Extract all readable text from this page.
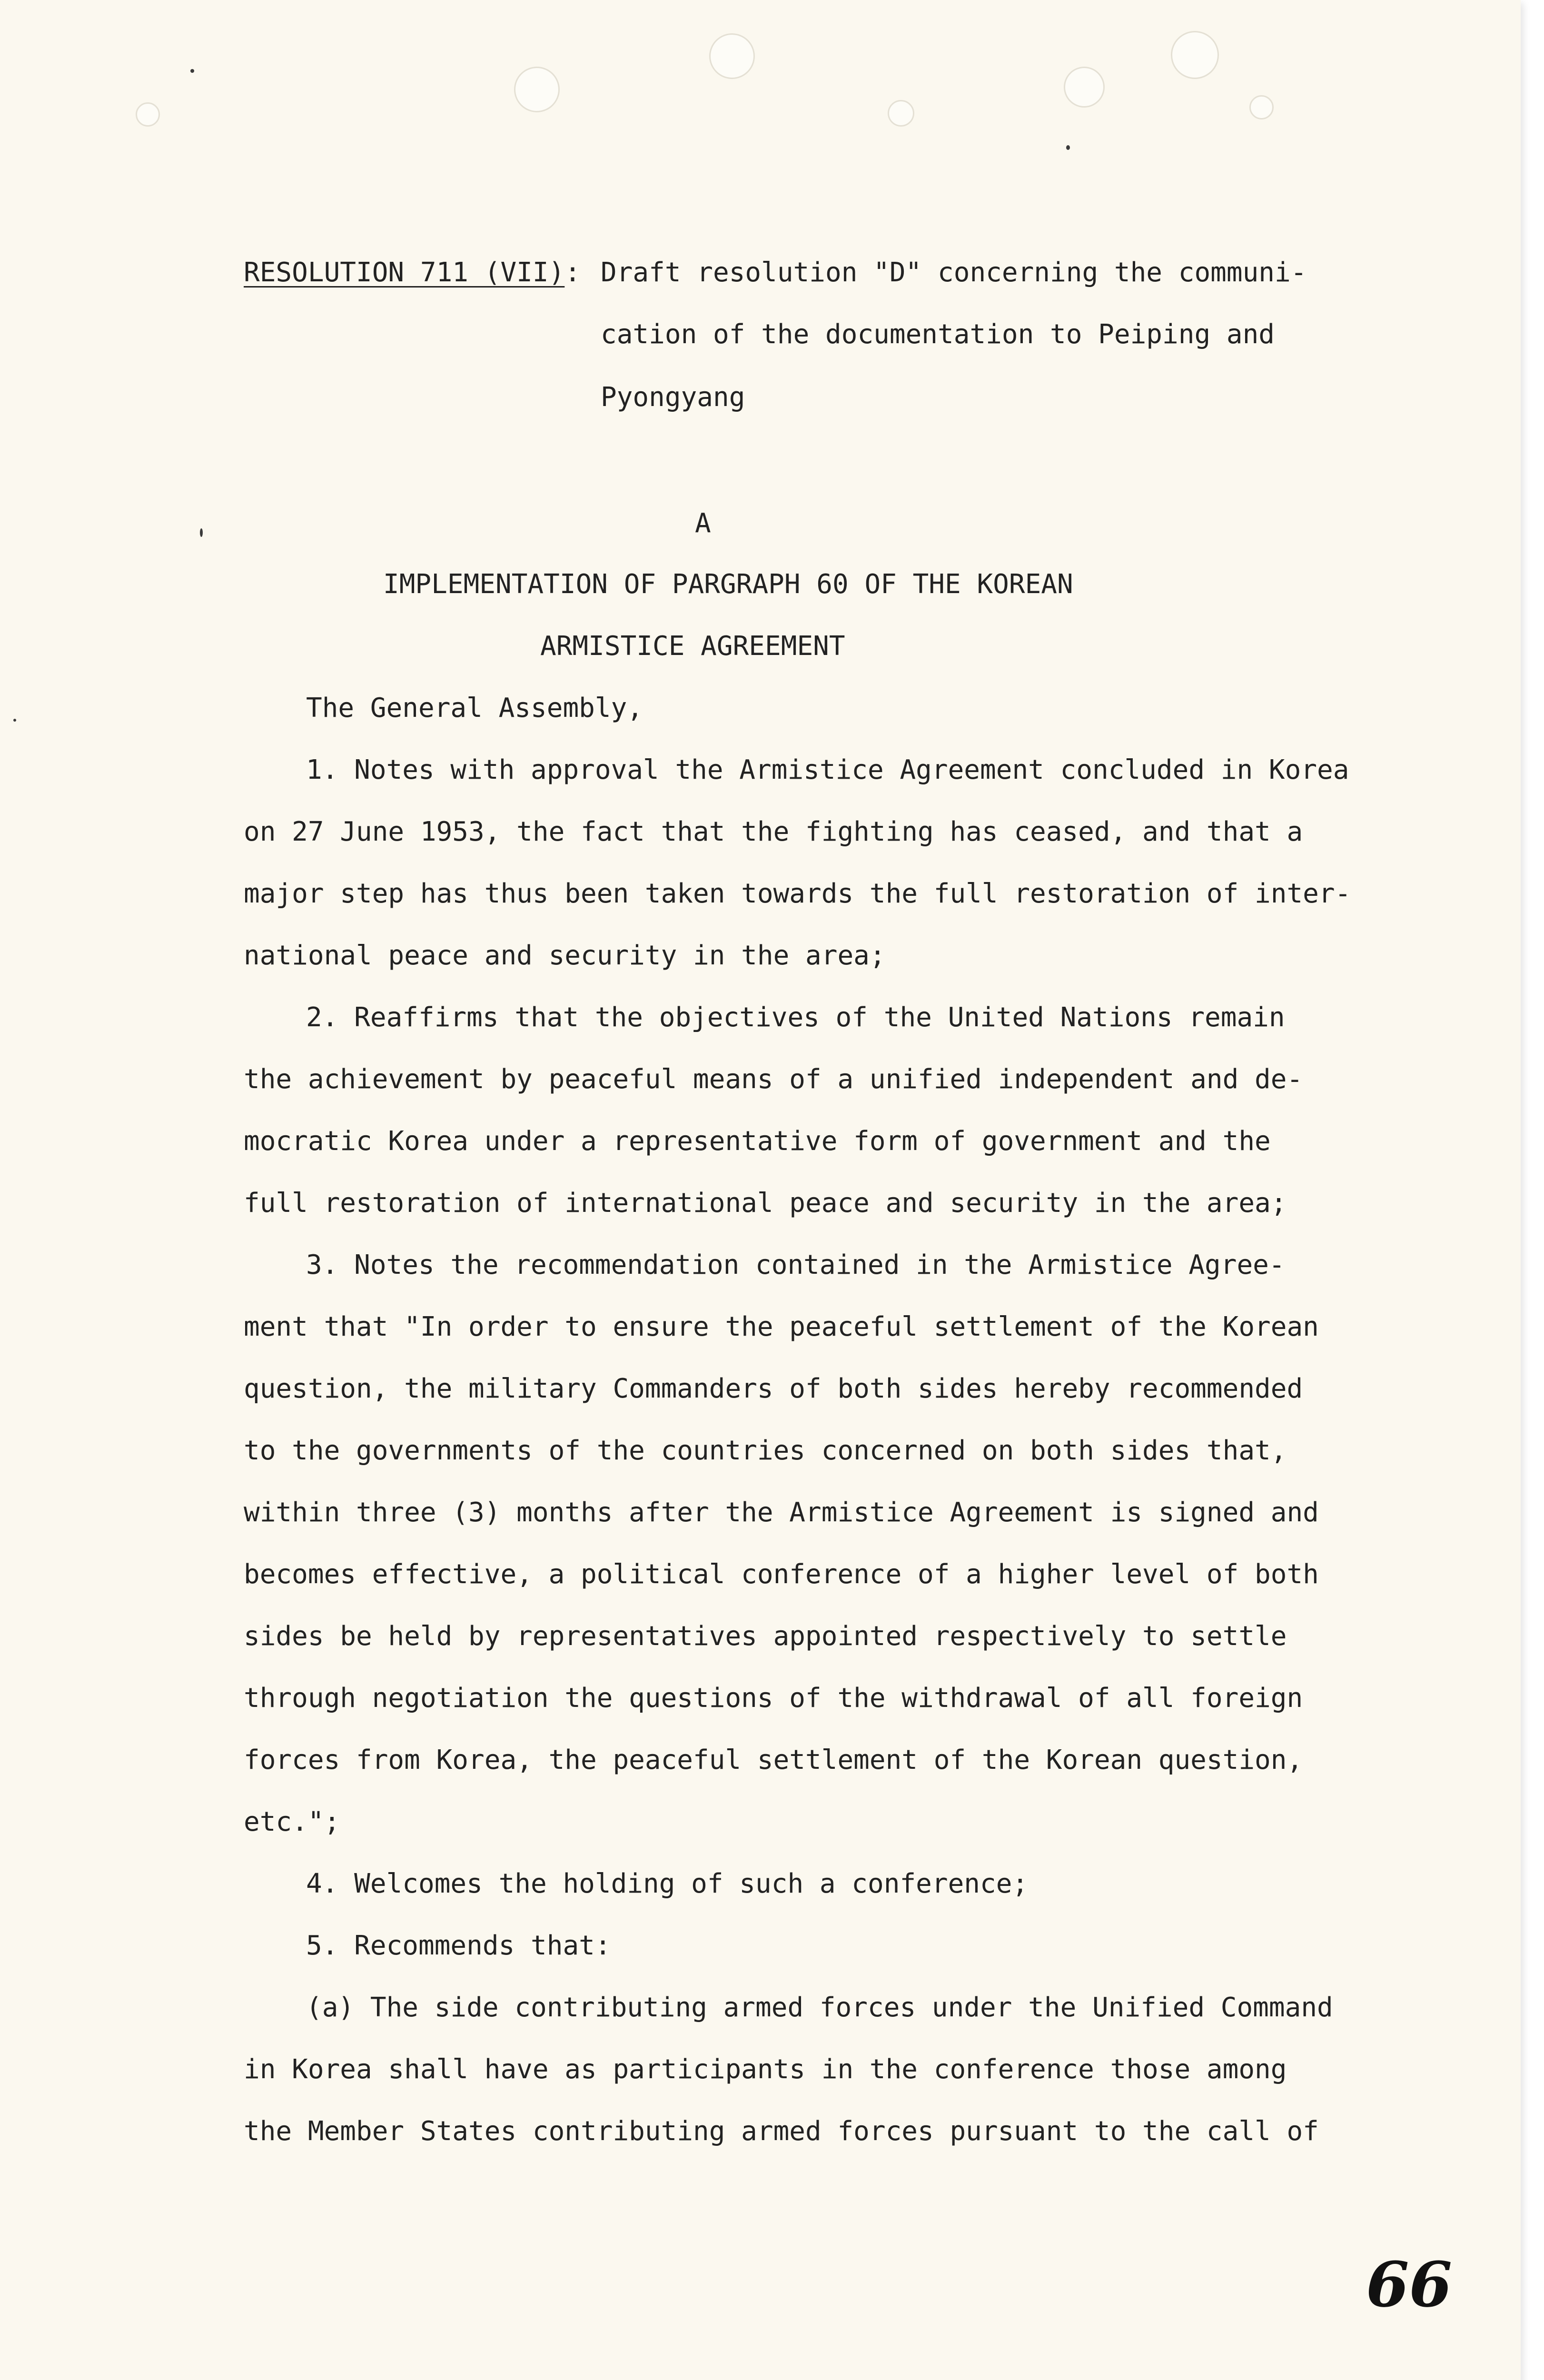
RESOLUTION 711 (VII): Draft resolution "D" concerning the communi-
cation of the documentation to Peiping and
Pyongyang
A
IMPLEMENTATION OF PARGRAPH 60 OF THE KOREAN
ARMISTICE AGREEMENT
The General Assembly,
1. Notes with approval the Armistice Agreement concluded in Korea
on 27 June 1953, the fact that the fighting has ceased, and that a
major step has thus been taken towards the full restoration of inter-
national peace and security in the area;
2. Reaffirms that the objectives of the United Nations remain
the achievement by peaceful means of a unified independent and de-
mocratic Korea under a representative form of government and the
full restoration of international peace and security in the area;
3. Notes the recommendation contained in the Armistice Agree-
ment that "In order to ensure the peaceful settlement of the Korean
question, the military Commanders of both sides hereby recommended
to the governments of the countries concerned on both sides that,
within three (3) months after the Armistice Agreement is signed and
becomes effective, a political conference of a higher level of both
sides be held by representatives appointed respectively to settle
through negotiation the questions of the withdrawal of all foreign
forces from Korea, the peaceful settlement of the Korean question,
etc.";
4. Welcomes the holding of such a conference;
5. Recommends that:
(a) The side contributing armed forces under the Unified Command
in Korea shall have as participants in the conference those among
the Member States contributing armed forces pursuant to the call of
66
